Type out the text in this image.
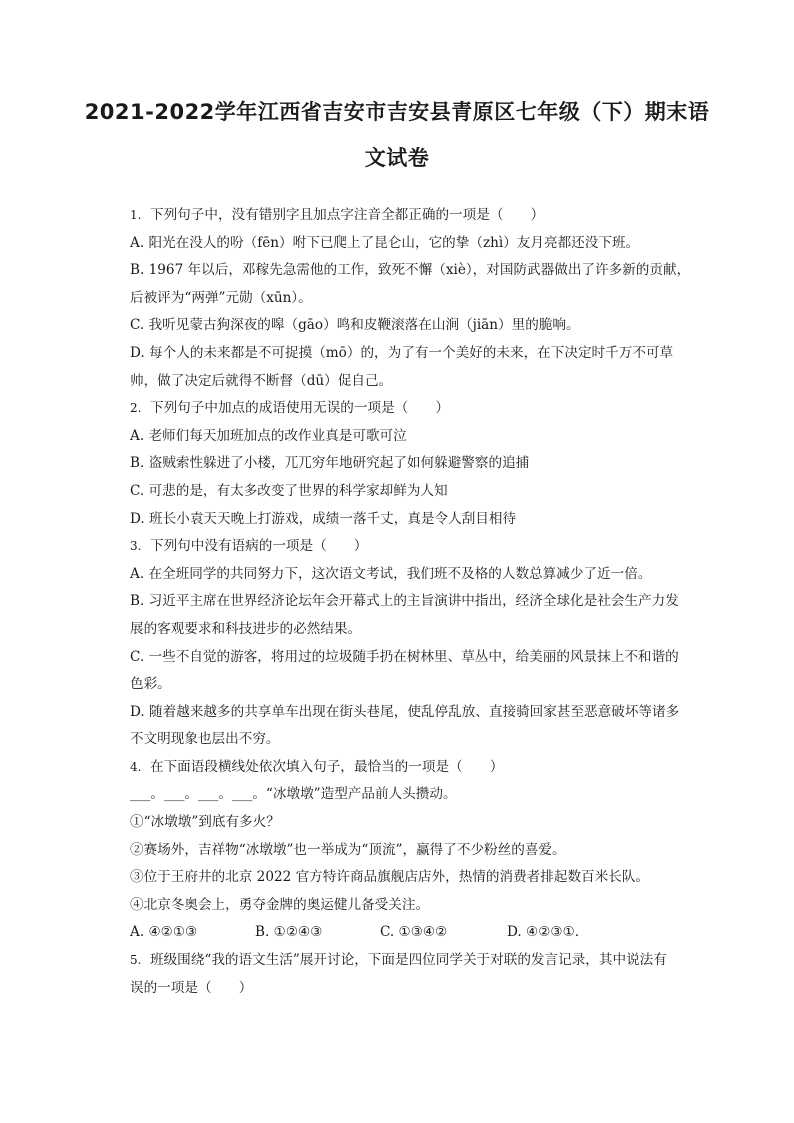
2021-2022学年江西省吉安市吉安县青原区七年级（下）期末语
文试卷
1. 下列句子中，没有错别字且加点字注音全都正确的一项是（　　）
A. 阳光在没人的吩（fēn）咐下已爬上了昆仑山，它的挚（zhì）友月亮都还没下班。
B. 1967 年以后，邓稼先急需他的工作，致死不懈（xiè），对国防武器做出了许多新的贡献，
后被评为“两弹”元勋（xūn）。
C. 我听见蒙古狗深夜的嗥（gāo）鸣和皮鞭滚落在山涧（jiān）里的脆响。
D. 每个人的未来都是不可捉摸（mō）的，为了有一个美好的未来，在下决定时千万不可草
帅，做了决定后就得不断督（dū）促自己。
2. 下列句子中加点的成语使用无误的一项是（　　）
A. 老师们每天加班加点的改作业真是可歌可泣
B. 盗贼索性躲进了小楼，兀兀穷年地研究起了如何躲避警察的追捕
C. 可悲的是，有太多改变了世界的科学家却鲜为人知
D. 班长小袁天天晚上打游戏，成绩一落千丈，真是令人刮目相待
3. 下列句中没有语病的一项是（　　）
A. 在全班同学的共同努力下，这次语文考试，我们班不及格的人数总算减少了近一倍。
B. 习近平主席在世界经济论坛年会开幕式上的主旨演讲中指出，经济全球化是社会生产力发
展的客观要求和科技进步的必然结果。
C. 一些不自觉的游客，将用过的垃圾随手扔在树林里、草丛中，给美丽的风景抹上不和谐的
色彩。
D. 随着越来越多的共享单车出现在街头巷尾，使乱停乱放、直接骑回家甚至恶意破坏等诸多
不文明现象也层出不穷。
4. 在下面语段横线处依次填入句子，最恰当的一项是（　　）
___。___。___。___。“冰墩墩”造型产品前人头攒动。
①“冰墩墩”到底有多火？
②赛场外，吉祥物“冰墩墩”也一举成为“顶流”，赢得了不少粉丝的喜爱。
③位于王府井的北京 2022 官方特许商品旗舰店店外，热情的消费者排起数百米长队。
④北京冬奥会上，勇夺金牌的奥运健儿备受关注。
A. ④②①③	B. ①②④③	C. ①③④②	D. ④②③①.
5. 班级围绕“我的语文生活”展开讨论，下面是四位同学关于对联的发言记录，其中说法有
误的一项是（　　）
